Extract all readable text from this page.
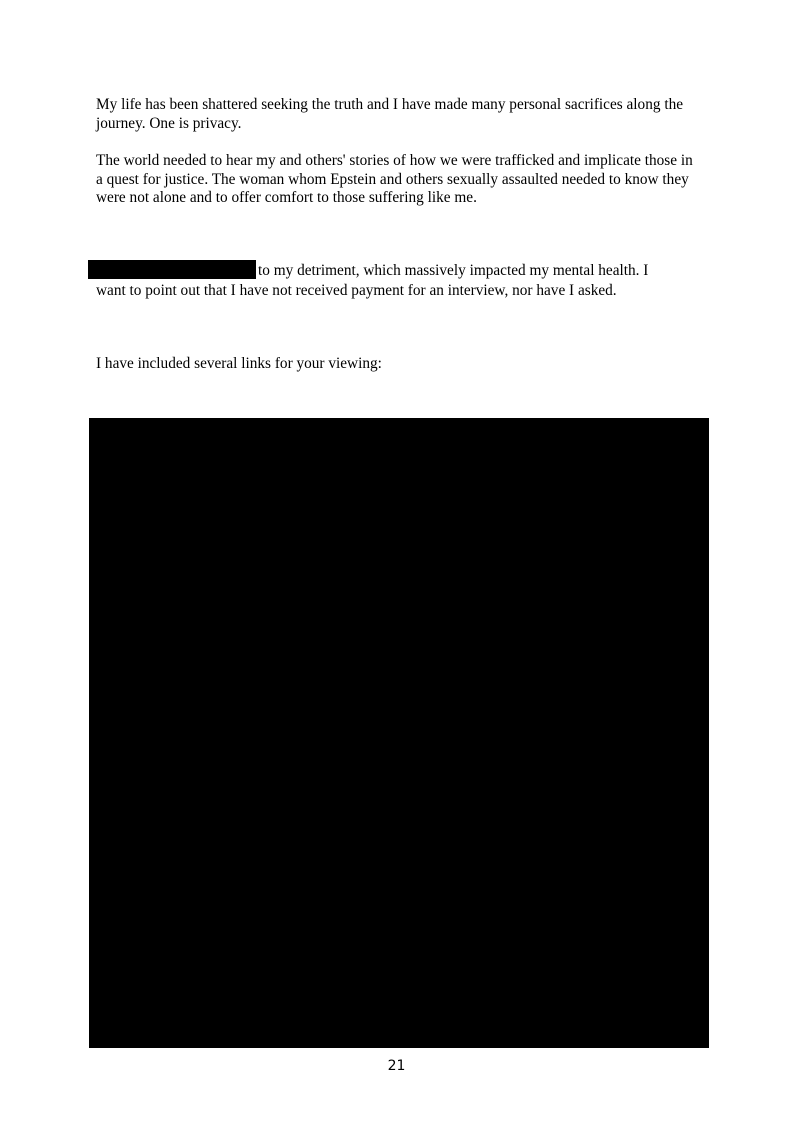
My life has been shattered seeking the truth and I have made many personal sacrifices along the journey. One is privacy.

The world needed to hear my and others' stories of how we were trafficked and implicate those in a quest for justice. The woman whom Epstein and others sexually assaulted needed to know they were not alone and to offer comfort to those suffering like me.

to my detriment, which massively impacted my mental health. I
want to point out that I have not received payment for an interview, nor have I asked.

I have included several links for your viewing:

21
